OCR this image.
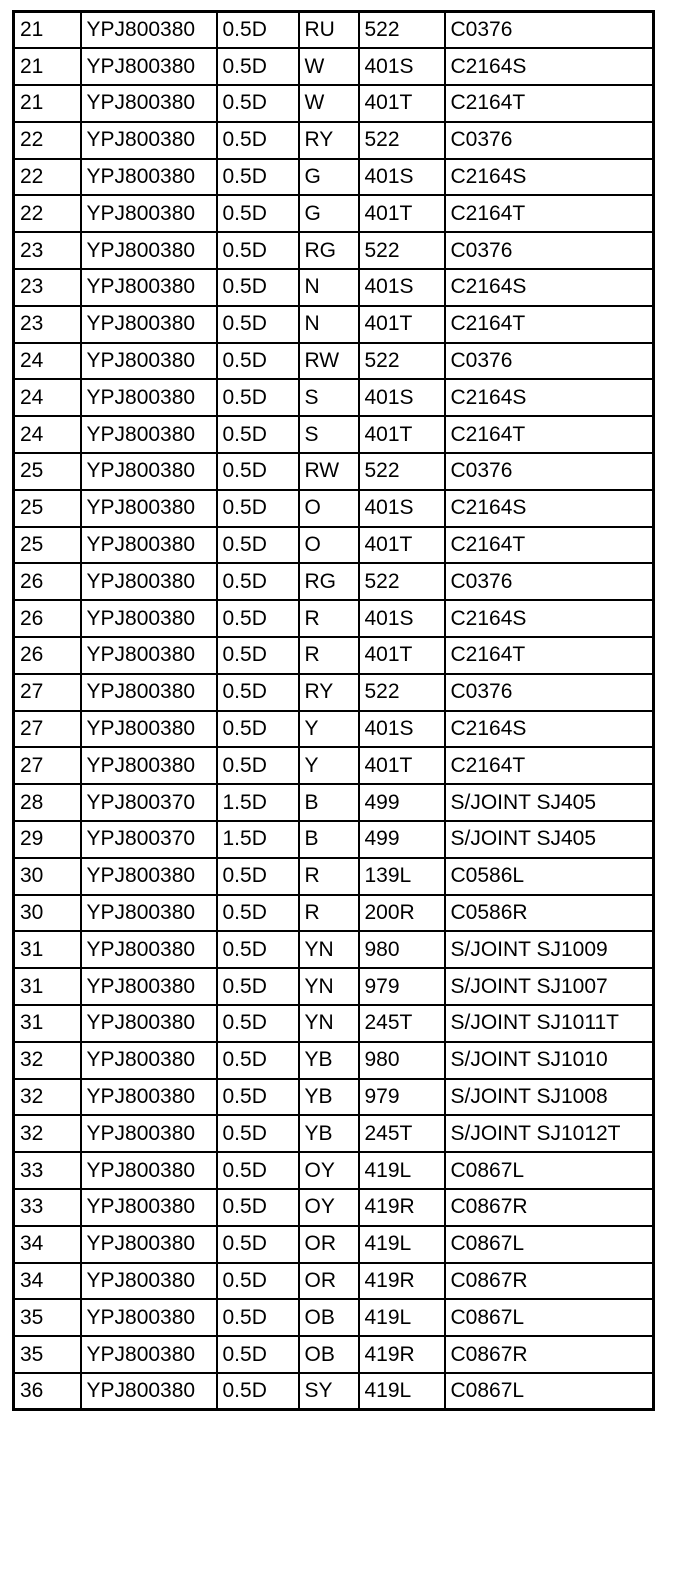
21	YPJ800380	0.5D	RU	522	C0376
21	YPJ800380	0.5D	W	401S	C2164S
21	YPJ800380	0.5D	W	401T	C2164T
22	YPJ800380	0.5D	RY	522	C0376
22	YPJ800380	0.5D	G	401S	C2164S
22	YPJ800380	0.5D	G	401T	C2164T
23	YPJ800380	0.5D	RG	522	C0376
23	YPJ800380	0.5D	N	401S	C2164S
23	YPJ800380	0.5D	N	401T	C2164T
24	YPJ800380	0.5D	RW	522	C0376
24	YPJ800380	0.5D	S	401S	C2164S
24	YPJ800380	0.5D	S	401T	C2164T
25	YPJ800380	0.5D	RW	522	C0376
25	YPJ800380	0.5D	O	401S	C2164S
25	YPJ800380	0.5D	O	401T	C2164T
26	YPJ800380	0.5D	RG	522	C0376
26	YPJ800380	0.5D	R	401S	C2164S
26	YPJ800380	0.5D	R	401T	C2164T
27	YPJ800380	0.5D	RY	522	C0376
27	YPJ800380	0.5D	Y	401S	C2164S
27	YPJ800380	0.5D	Y	401T	C2164T
28	YPJ800370	1.5D	B	499	S/JOINT SJ405
29	YPJ800370	1.5D	B	499	S/JOINT SJ405
30	YPJ800380	0.5D	R	139L	C0586L
30	YPJ800380	0.5D	R	200R	C0586R
31	YPJ800380	0.5D	YN	980	S/JOINT SJ1009
31	YPJ800380	0.5D	YN	979	S/JOINT SJ1007
31	YPJ800380	0.5D	YN	245T	S/JOINT SJ1011T
32	YPJ800380	0.5D	YB	980	S/JOINT SJ1010
32	YPJ800380	0.5D	YB	979	S/JOINT SJ1008
32	YPJ800380	0.5D	YB	245T	S/JOINT SJ1012T
33	YPJ800380	0.5D	OY	419L	C0867L
33	YPJ800380	0.5D	OY	419R	C0867R
34	YPJ800380	0.5D	OR	419L	C0867L
34	YPJ800380	0.5D	OR	419R	C0867R
35	YPJ800380	0.5D	OB	419L	C0867L
35	YPJ800380	0.5D	OB	419R	C0867R
36	YPJ800380	0.5D	SY	419L	C0867L
